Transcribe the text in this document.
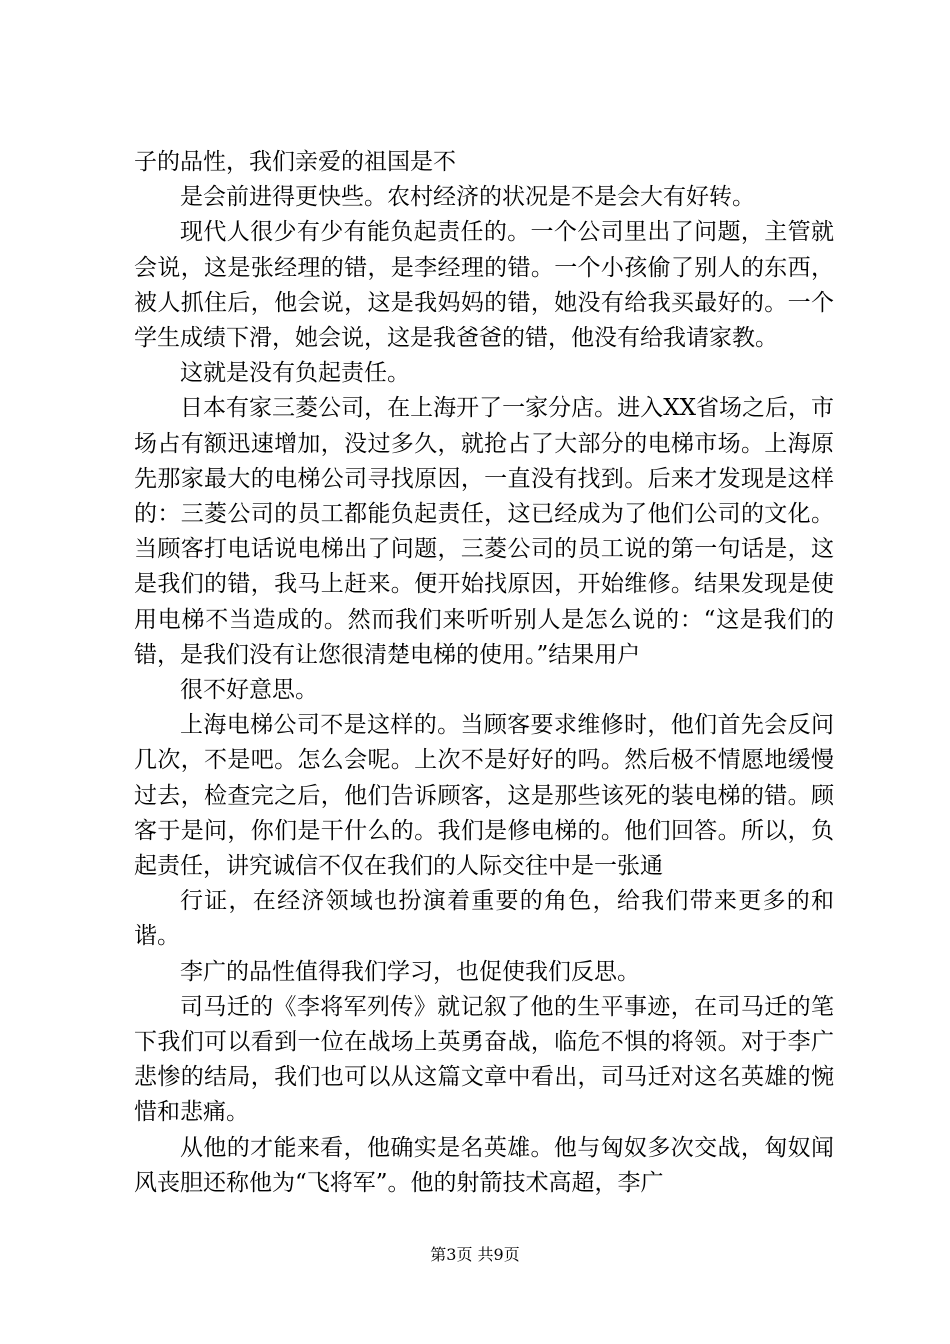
子的品性，我们亲爱的祖国是不

是会前进得更快些。农村经济的状况是不是会大有好转。

现代人很少有少有能负起责任的。一个公司里出了问题，主管就会说，这是张经理的错，是李经理的错。一个小孩偷了别人的东西，被人抓住后，他会说，这是我妈妈的错，她没有给我买最好的。一个学生成绩下滑，她会说，这是我爸爸的错，他没有给我请家教。

这就是没有负起责任。

日本有家三菱公司，在上海开了一家分店。进入XX省场之后，市场占有额迅速增加，没过多久，就抢占了大部分的电梯市场。上海原先那家最大的电梯公司寻找原因，一直没有找到。后来才发现是这样的：三菱公司的员工都能负起责任，这已经成为了他们公司的文化。当顾客打电话说电梯出了问题，三菱公司的员工说的第一句话是，这是我们的错，我马上赶来。便开始找原因，开始维修。结果发现是使用电梯不当造成的。然而我们来听听别人是怎么说的：“这是我们的错，是我们没有让您很清楚电梯的使用。”结果用户

很不好意思。

上海电梯公司不是这样的。当顾客要求维修时，他们首先会反问几次，不是吧。怎么会呢。上次不是好好的吗。然后极不情愿地缓慢过去，检查完之后，他们告诉顾客，这是那些该死的装电梯的错。顾客于是问，你们是干什么的。我们是修电梯的。他们回答。所以，负起责任，讲究诚信不仅在我们的人际交往中是一张通

行证，在经济领域也扮演着重要的角色，给我们带来更多的和谐。

李广的品性值得我们学习，也促使我们反思。

司马迁的《李将军列传》就记叙了他的生平事迹，在司马迁的笔下我们可以看到一位在战场上英勇奋战，临危不惧的将领。对于李广悲惨的结局，我们也可以从这篇文章中看出，司马迁对这名英雄的惋惜和悲痛。

从他的才能来看，他确实是名英雄。他与匈奴多次交战，匈奴闻风丧胆还称他为“飞将军”。他的射箭技术高超，李广

第3页 共9页
